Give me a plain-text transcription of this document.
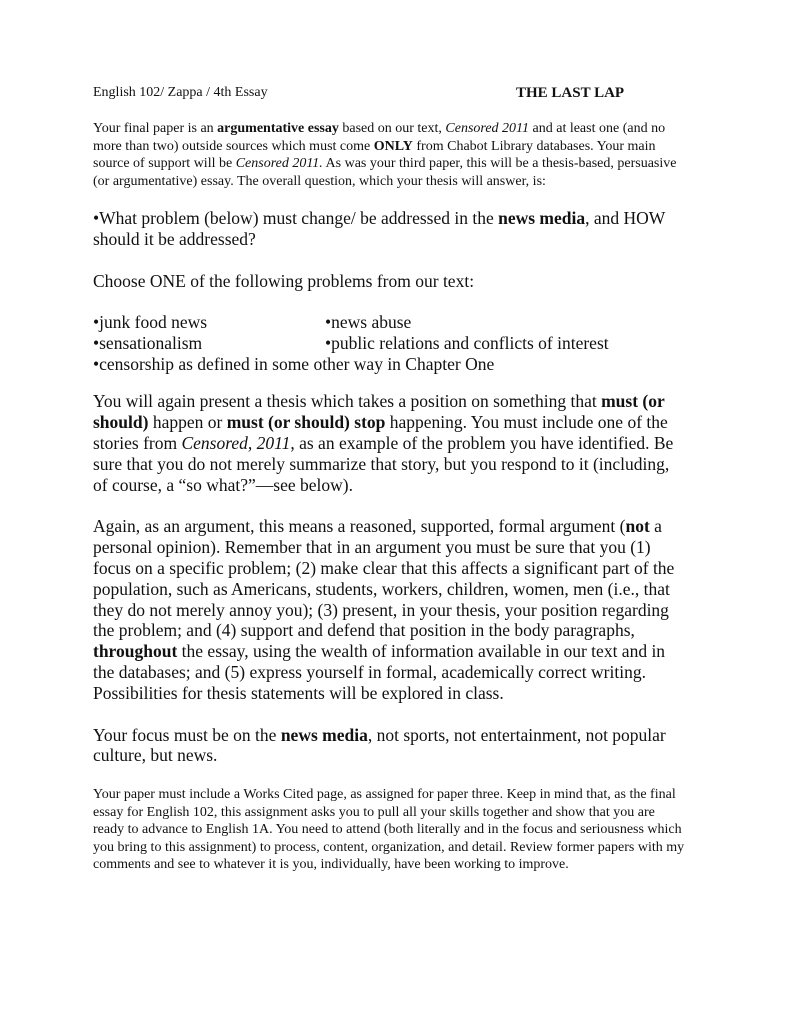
English 102/ Zappa / 4th Essay	THE LAST LAP

Your final paper is an argumentative essay based on our text, Censored 2011 and at least one (and no more than two) outside sources which must come ONLY from Chabot Library databases. Your main source of support will be Censored 2011. As was your third paper, this will be a thesis-based, persuasive (or argumentative) essay. The overall question, which your thesis will answer, is:

•What problem (below) must change/ be addressed in the news media, and HOW should it be addressed?

Choose ONE of the following problems from our text:

•junk food news	•news abuse
•sensationalism	•public relations and conflicts of interest
•censorship as defined in some other way in Chapter One

You will again present a thesis which takes a position on something that must (or should) happen or must (or should) stop happening. You must include one of the stories from Censored, 2011, as an example of the problem you have identified. Be sure that you do not merely summarize that story, but you respond to it (including, of course, a “so what?”—see below).

Again, as an argument, this means a reasoned, supported, formal argument (not a personal opinion). Remember that in an argument you must be sure that you (1) focus on a specific problem; (2) make clear that this affects a significant part of the population, such as Americans, students, workers, children, women, men (i.e., that they do not merely annoy you); (3) present, in your thesis, your position regarding the problem; and (4) support and defend that position in the body paragraphs, throughout the essay, using the wealth of information available in our text and in the databases; and (5) express yourself in formal, academically correct writing. Possibilities for thesis statements will be explored in class.

Your focus must be on the news media, not sports, not entertainment, not popular culture, but news.

Your paper must include a Works Cited page, as assigned for paper three. Keep in mind that, as the final essay for English 102, this assignment asks you to pull all your skills together and show that you are ready to advance to English 1A. You need to attend (both literally and in the focus and seriousness which you bring to this assignment) to process, content, organization, and detail. Review former papers with my comments and see to whatever it is you, individually, have been working to improve.
